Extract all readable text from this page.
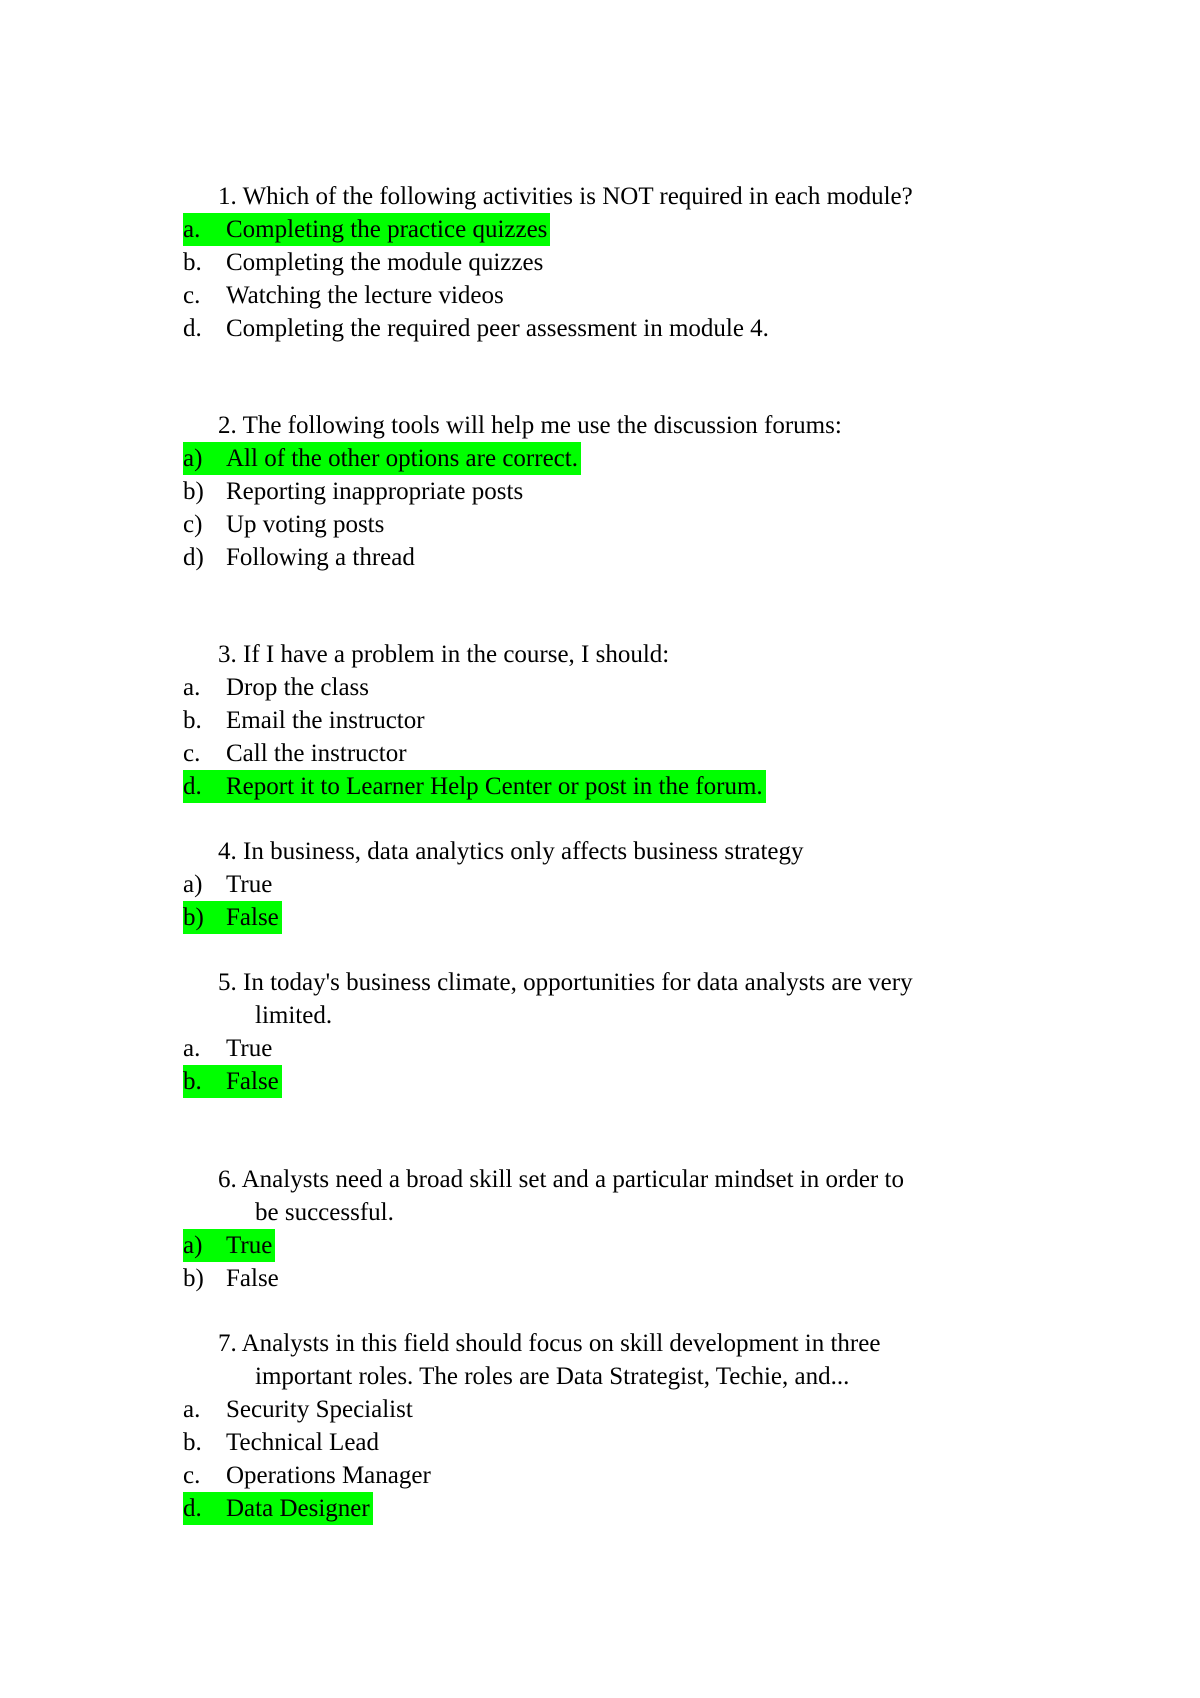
1. Which of the following activities is NOT required in each module?
a.	Completing the practice quizzes
b. Completing the module quizzes
c.	Watching the lecture videos
d. Completing the required peer assessment in module 4.
2. The following tools will help me use the discussion forums:
a) All of the other options are correct.
b) Reporting inappropriate posts
c) Up voting posts
d) Following a thread
3. If I have a problem in the course, I should:
a.	Drop the class
b. Email the instructor
c.	Call the instructor
d. Report it to Learner Help Center or post in the forum.
4. In business, data analytics only affects business strategy
a) True
b) False
5. In today's business climate, opportunities for data analysts are very
limited.
a.	True
b. False
6. Analysts need a broad skill set and a particular mindset in order to
be successful.
a) True
b) False
7. Analysts in this field should focus on skill development in three
important roles. The roles are Data Strategist, Techie, and...
a.	Security Specialist
b. Technical Lead
c.	Operations Manager
d. Data Designer
